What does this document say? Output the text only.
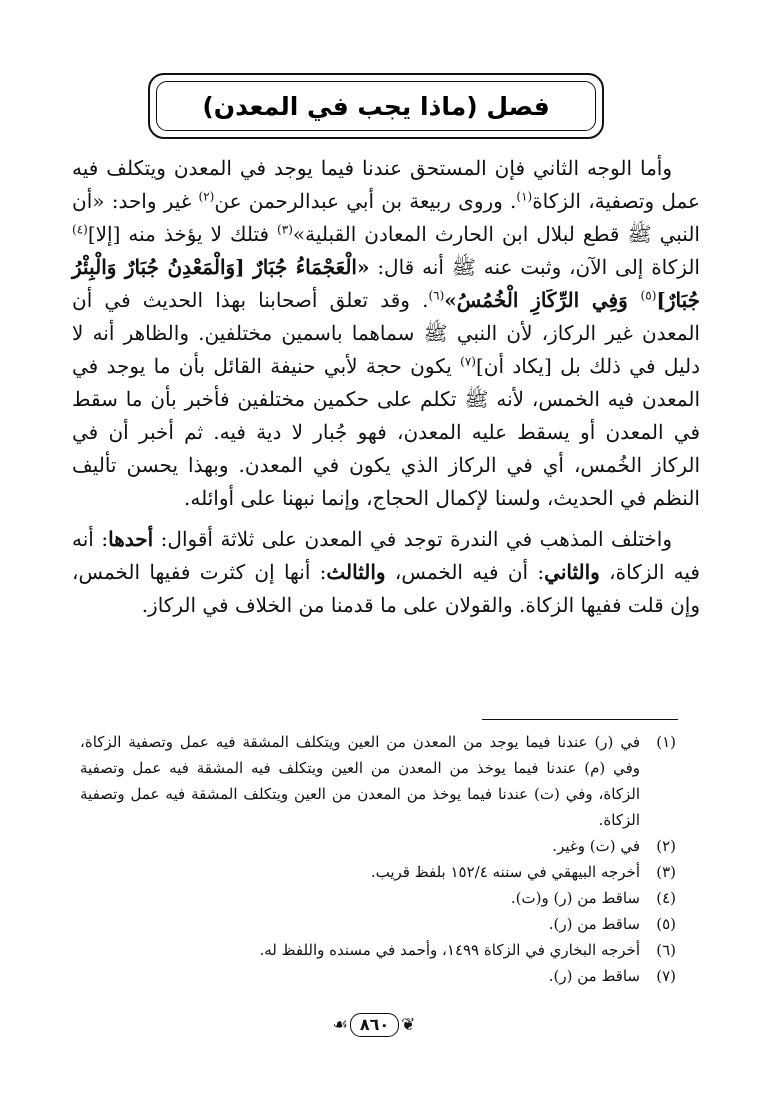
فصل (ماذا يجب في المعدن)

وأما الوجه الثاني فإن المستحق عندنا فيما يوجد في المعدن ويتكلف فيه عمل وتصفية، الزكاة$^{(١)}$. وروى ربيعة بن أبي عبدالرحمن عن$^{(٢)}$ غير واحد: «أن النبي ﷺ قطع لبلال ابن الحارث المعادن القبلية»$^{(٣)}$ فتلك لا يؤخذ منه [إلا]$^{(٤)}$ الزكاة إلى الآن، وثبت عنه ﷺ أنه قال: «الْعَجْمَاءُ جُبَارٌ [وَالْمَعْدِنُ جُبَارٌ وَالْبِئْرُ جُبَارٌ]$^{(٥)}$ وَفِي الرِّكَازِ الْخُمُسُ»$^{(٦)}$. وقد تعلق أصحابنا بهذا الحديث في أن المعدن غير الركاز، لأن النبي ﷺ سماهما باسمين مختلفين. والظاهر أنه لا دليل في ذلك بل [يكاد أن]$^{(٧)}$ يكون حجة لأبي حنيفة القائل بأن ما يوجد في المعدن فيه الخمس، لأنه ﷺ تكلم على حكمين مختلفين فأخبر بأن ما سقط في المعدن أو يسقط عليه المعدن، فهو جُبار لا دية فيه. ثم أخبر أن في الركاز الخُمس، أي في الركاز الذي يكون في المعدن. وبهذا يحسن تأليف النظم في الحديث، ولسنا لإكمال الحجاج، وإنما نبهنا على أوائله.

واختلف المذهب في الندرة توجد في المعدن على ثلاثة أقوال: أحدها: أنه فيه الزكاة، والثاني: أن فيه الخمس، والثالث: أنها إن كثرت ففيها الخمس، وإن قلت ففيها الزكاة. والقولان على ما قدمنا من الخلاف في الركاز.

(١)
في (ر) عندنا فيما يوجد من المعدن من العين ويتكلف المشقة فيه عمل وتصفية الزكاة، وفي (م) عندنا فيما يوخذ من المعدن من العين ويتكلف فيه المشقة فيه عمل وتصفية الزكاة، وفي (ت) عندنا فيما يوخذ من المعدن من العين ويتكلف المشقة فيه عمل وتصفية الزكاة.
(٢)
في (ت) وغير.
(٣)
أخرجه البيهقي في سننه ١٥٢/٤ بلفظ قريب.
(٤)
ساقط من (ر) و(ت).
(٥)
ساقط من (ر).
(٦)
أخرجه البخاري في الزكاة ١٤٩٩، وأحمد في مسنده واللفظ له.
(٧)
ساقط من (ر).
❦
٨٦٠
☙
